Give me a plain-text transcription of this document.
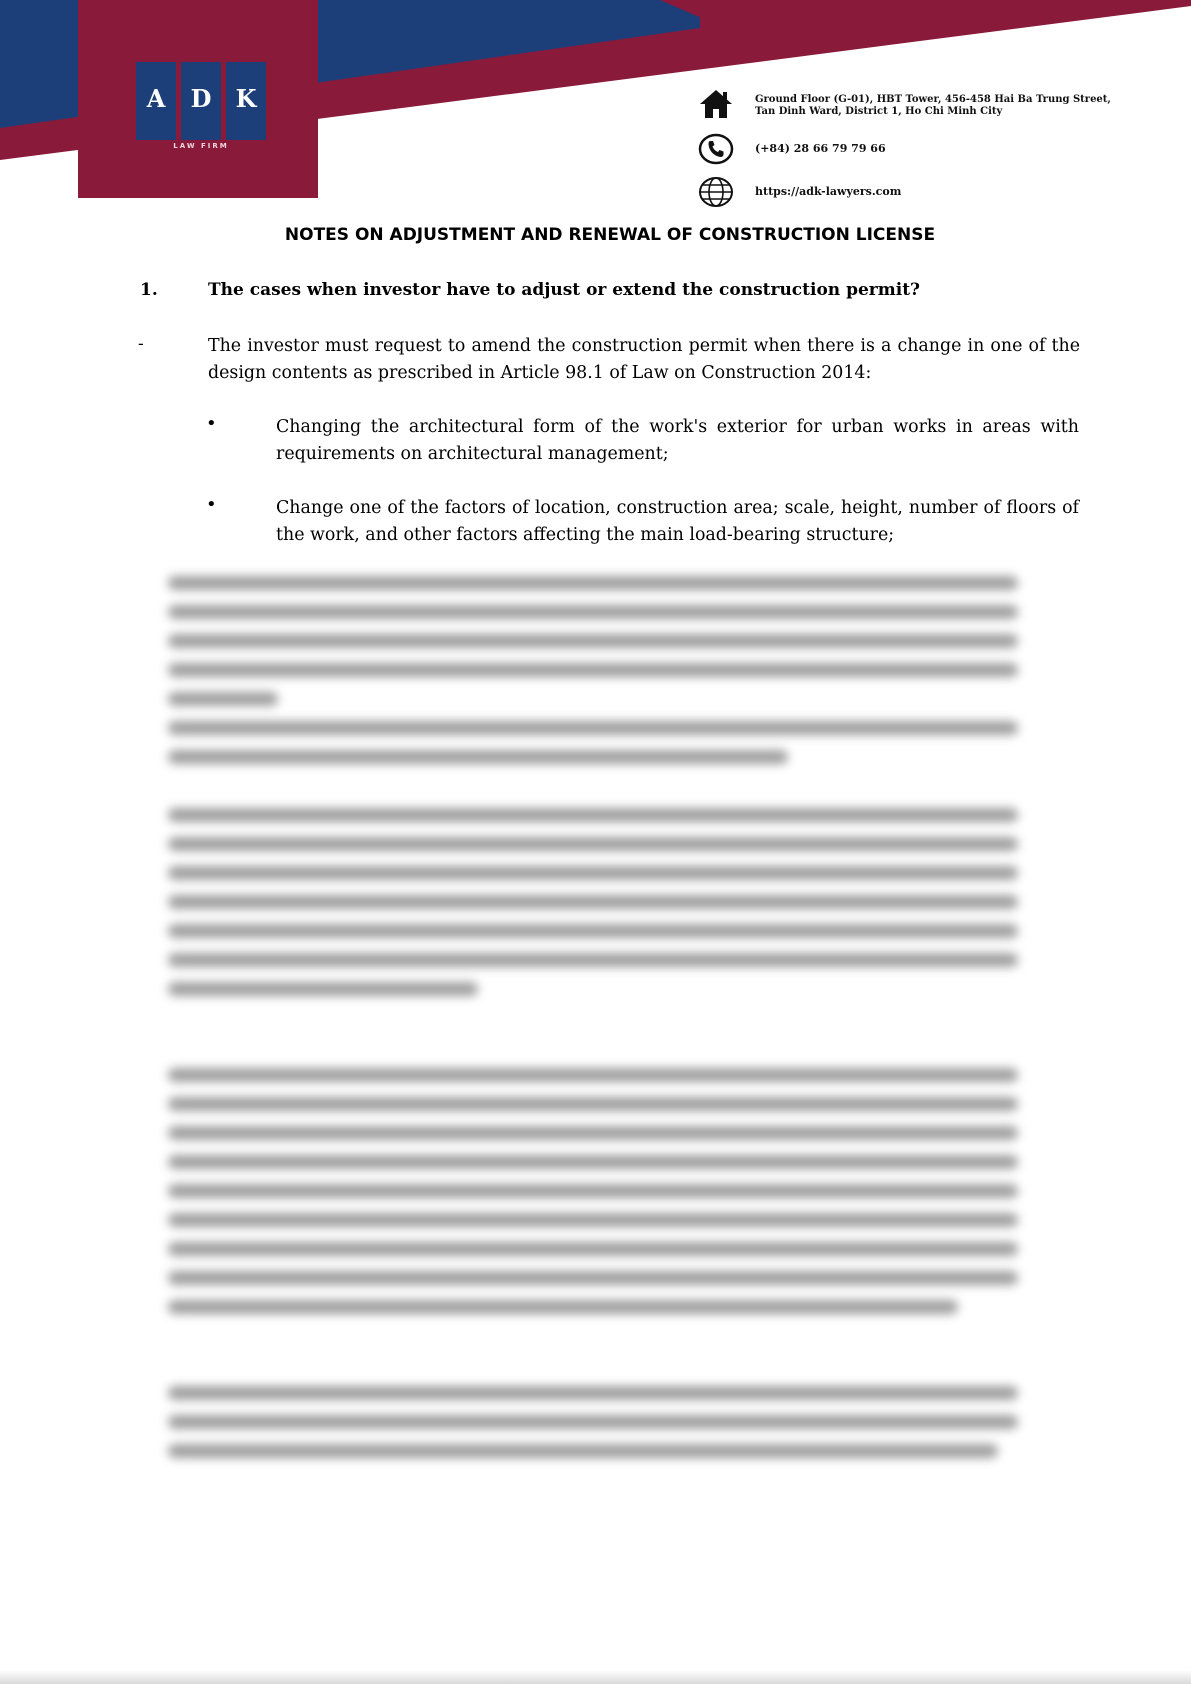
A	D	K
LAW FIRM
Ground Floor (G-01), HBT Tower, 456-458 Hai Ba Trung Street,
Tan Dinh Ward, District 1, Ho Chi Minh City
(+84) 28 66 79 79 66
https://adk-lawyers.com
NOTES ON ADJUSTMENT AND RENEWAL OF CONSTRUCTION LICENSE
1.	The cases when investor have to adjust or extend the construction permit?
-	The investor must request to amend the construction permit when there is a change in one of the design contents as prescribed in Article 98.1 of Law on Construction 2014:
•	Changing the architectural form of the work's exterior for urban works in areas with requirements on architectural management;
•	Change one of the factors of location, construction area; scale, height, number of floors of the work, and other factors affecting the main load-bearing structure;
